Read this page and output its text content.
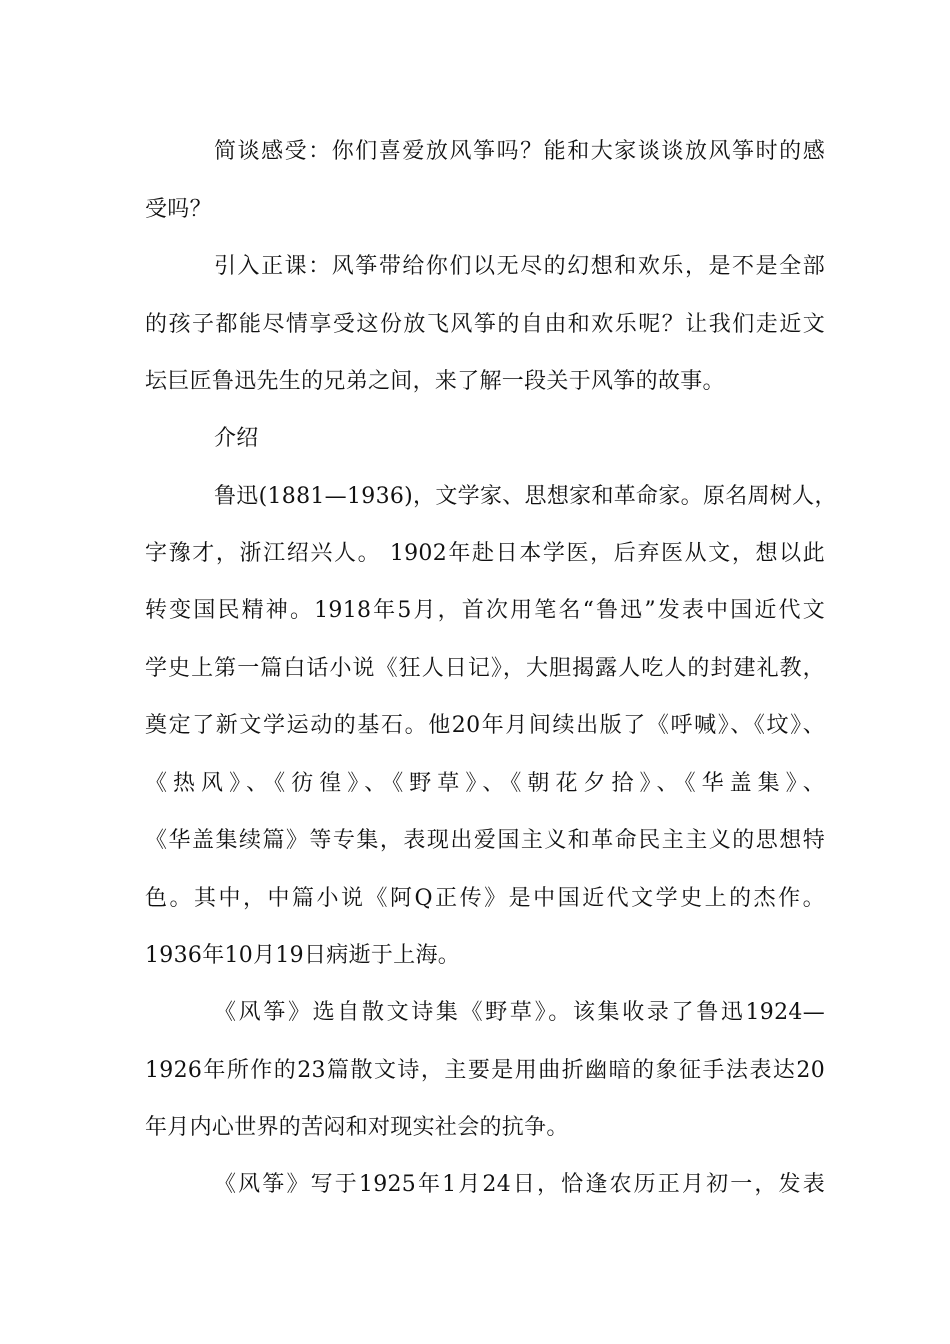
简谈感受：你们喜爱放风筝吗？能和大家谈谈放风筝时的感
受吗？
引入正课：风筝带给你们以无尽的幻想和欢乐，是不是全部
的孩子都能尽情享受这份放飞风筝的自由和欢乐呢？让我们走近文
坛巨匠鲁迅先生的兄弟之间，来了解一段关于风筝的故事。
介绍
鲁迅(1881—1936)，文学家、思想家和革命家。原名周树人，
字豫才，浙江绍兴人。 1902年赴日本学医，后弃医从文，想以此
转变国民精神。1918年5月，首次用笔名“鲁迅”发表中国近代文
学史上第一篇白话小说《狂人日记》，大胆揭露人吃人的封建礼教，
奠定了新文学运动的基石。他20年月间续出版了《呼喊》、《坟》、
《热风》、《彷徨》、《野草》、《朝花夕拾》、《华盖集》、
《华盖集续篇》等专集，表现出爱国主义和革命民主主义的思想特
色。其中，中篇小说《阿Q正传》是中国近代文学史上的杰作。
1936年10月19日病逝于上海。
《风筝》选自散文诗集《野草》。该集收录了鲁迅1924—
1926年所作的23篇散文诗，主要是用曲折幽暗的象征手法表达20
年月内心世界的苦闷和对现实社会的抗争。
《风筝》写于1925年1月24日，恰逢农历正月初一，发表
